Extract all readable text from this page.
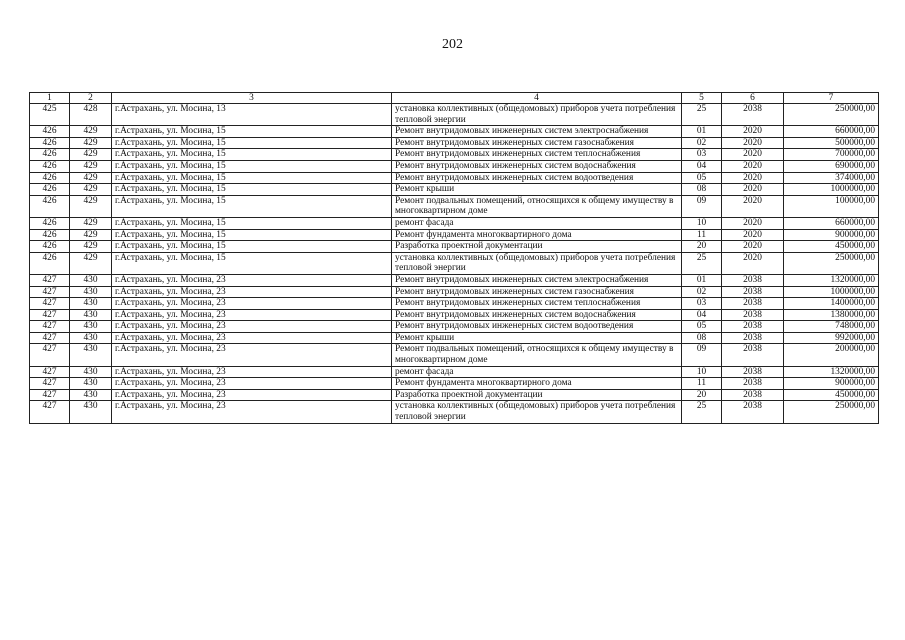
202
1	2	3	4	5	6	7
425	428	г.Астрахань, ул. Мосина, 13	установка коллективных (общедомовых) приборов учета потребления тепловой энергии	25	2038	250000,00
426	429	г.Астрахань, ул. Мосина, 15	Ремонт внутридомовых инженерных систем электроснабжения	01	2020	660000,00
426	429	г.Астрахань, ул. Мосина, 15	Ремонт внутридомовых инженерных систем газоснабжения	02	2020	500000,00
426	429	г.Астрахань, ул. Мосина, 15	Ремонт внутридомовых инженерных систем теплоснабжения	03	2020	700000,00
426	429	г.Астрахань, ул. Мосина, 15	Ремонт внутридомовых инженерных систем водоснабжения	04	2020	690000,00
426	429	г.Астрахань, ул. Мосина, 15	Ремонт внутридомовых инженерных систем водоотведения	05	2020	374000,00
426	429	г.Астрахань, ул. Мосина, 15	Ремонт крыши	08	2020	1000000,00
426	429	г.Астрахань, ул. Мосина, 15	Ремонт подвальных помещений, относящихся к общему имуществу в многоквартирном доме	09	2020	100000,00
426	429	г.Астрахань, ул. Мосина, 15	ремонт фасада	10	2020	660000,00
426	429	г.Астрахань, ул. Мосина, 15	Ремонт фундамента многоквартирного дома	11	2020	900000,00
426	429	г.Астрахань, ул. Мосина, 15	Разработка проектной документации	20	2020	450000,00
426	429	г.Астрахань, ул. Мосина, 15	установка коллективных (общедомовых) приборов учета потребления тепловой энергии	25	2020	250000,00
427	430	г.Астрахань, ул. Мосина, 23	Ремонт внутридомовых инженерных систем электроснабжения	01	2038	1320000,00
427	430	г.Астрахань, ул. Мосина, 23	Ремонт внутридомовых инженерных систем газоснабжения	02	2038	1000000,00
427	430	г.Астрахань, ул. Мосина, 23	Ремонт внутридомовых инженерных систем теплоснабжения	03	2038	1400000,00
427	430	г.Астрахань, ул. Мосина, 23	Ремонт внутридомовых инженерных систем водоснабжения	04	2038	1380000,00
427	430	г.Астрахань, ул. Мосина, 23	Ремонт внутридомовых инженерных систем водоотведения	05	2038	748000,00
427	430	г.Астрахань, ул. Мосина, 23	Ремонт крыши	08	2038	992000,00
427	430	г.Астрахань, ул. Мосина, 23	Ремонт подвальных помещений, относящихся к общему имуществу в многоквартирном доме	09	2038	200000,00
427	430	г.Астрахань, ул. Мосина, 23	ремонт фасада	10	2038	1320000,00
427	430	г.Астрахань, ул. Мосина, 23	Ремонт фундамента многоквартирного дома	11	2038	900000,00
427	430	г.Астрахань, ул. Мосина, 23	Разработка проектной документации	20	2038	450000,00
427	430	г.Астрахань, ул. Мосина, 23	установка коллективных (общедомовых) приборов учета потребления тепловой энергии	25	2038	250000,00
